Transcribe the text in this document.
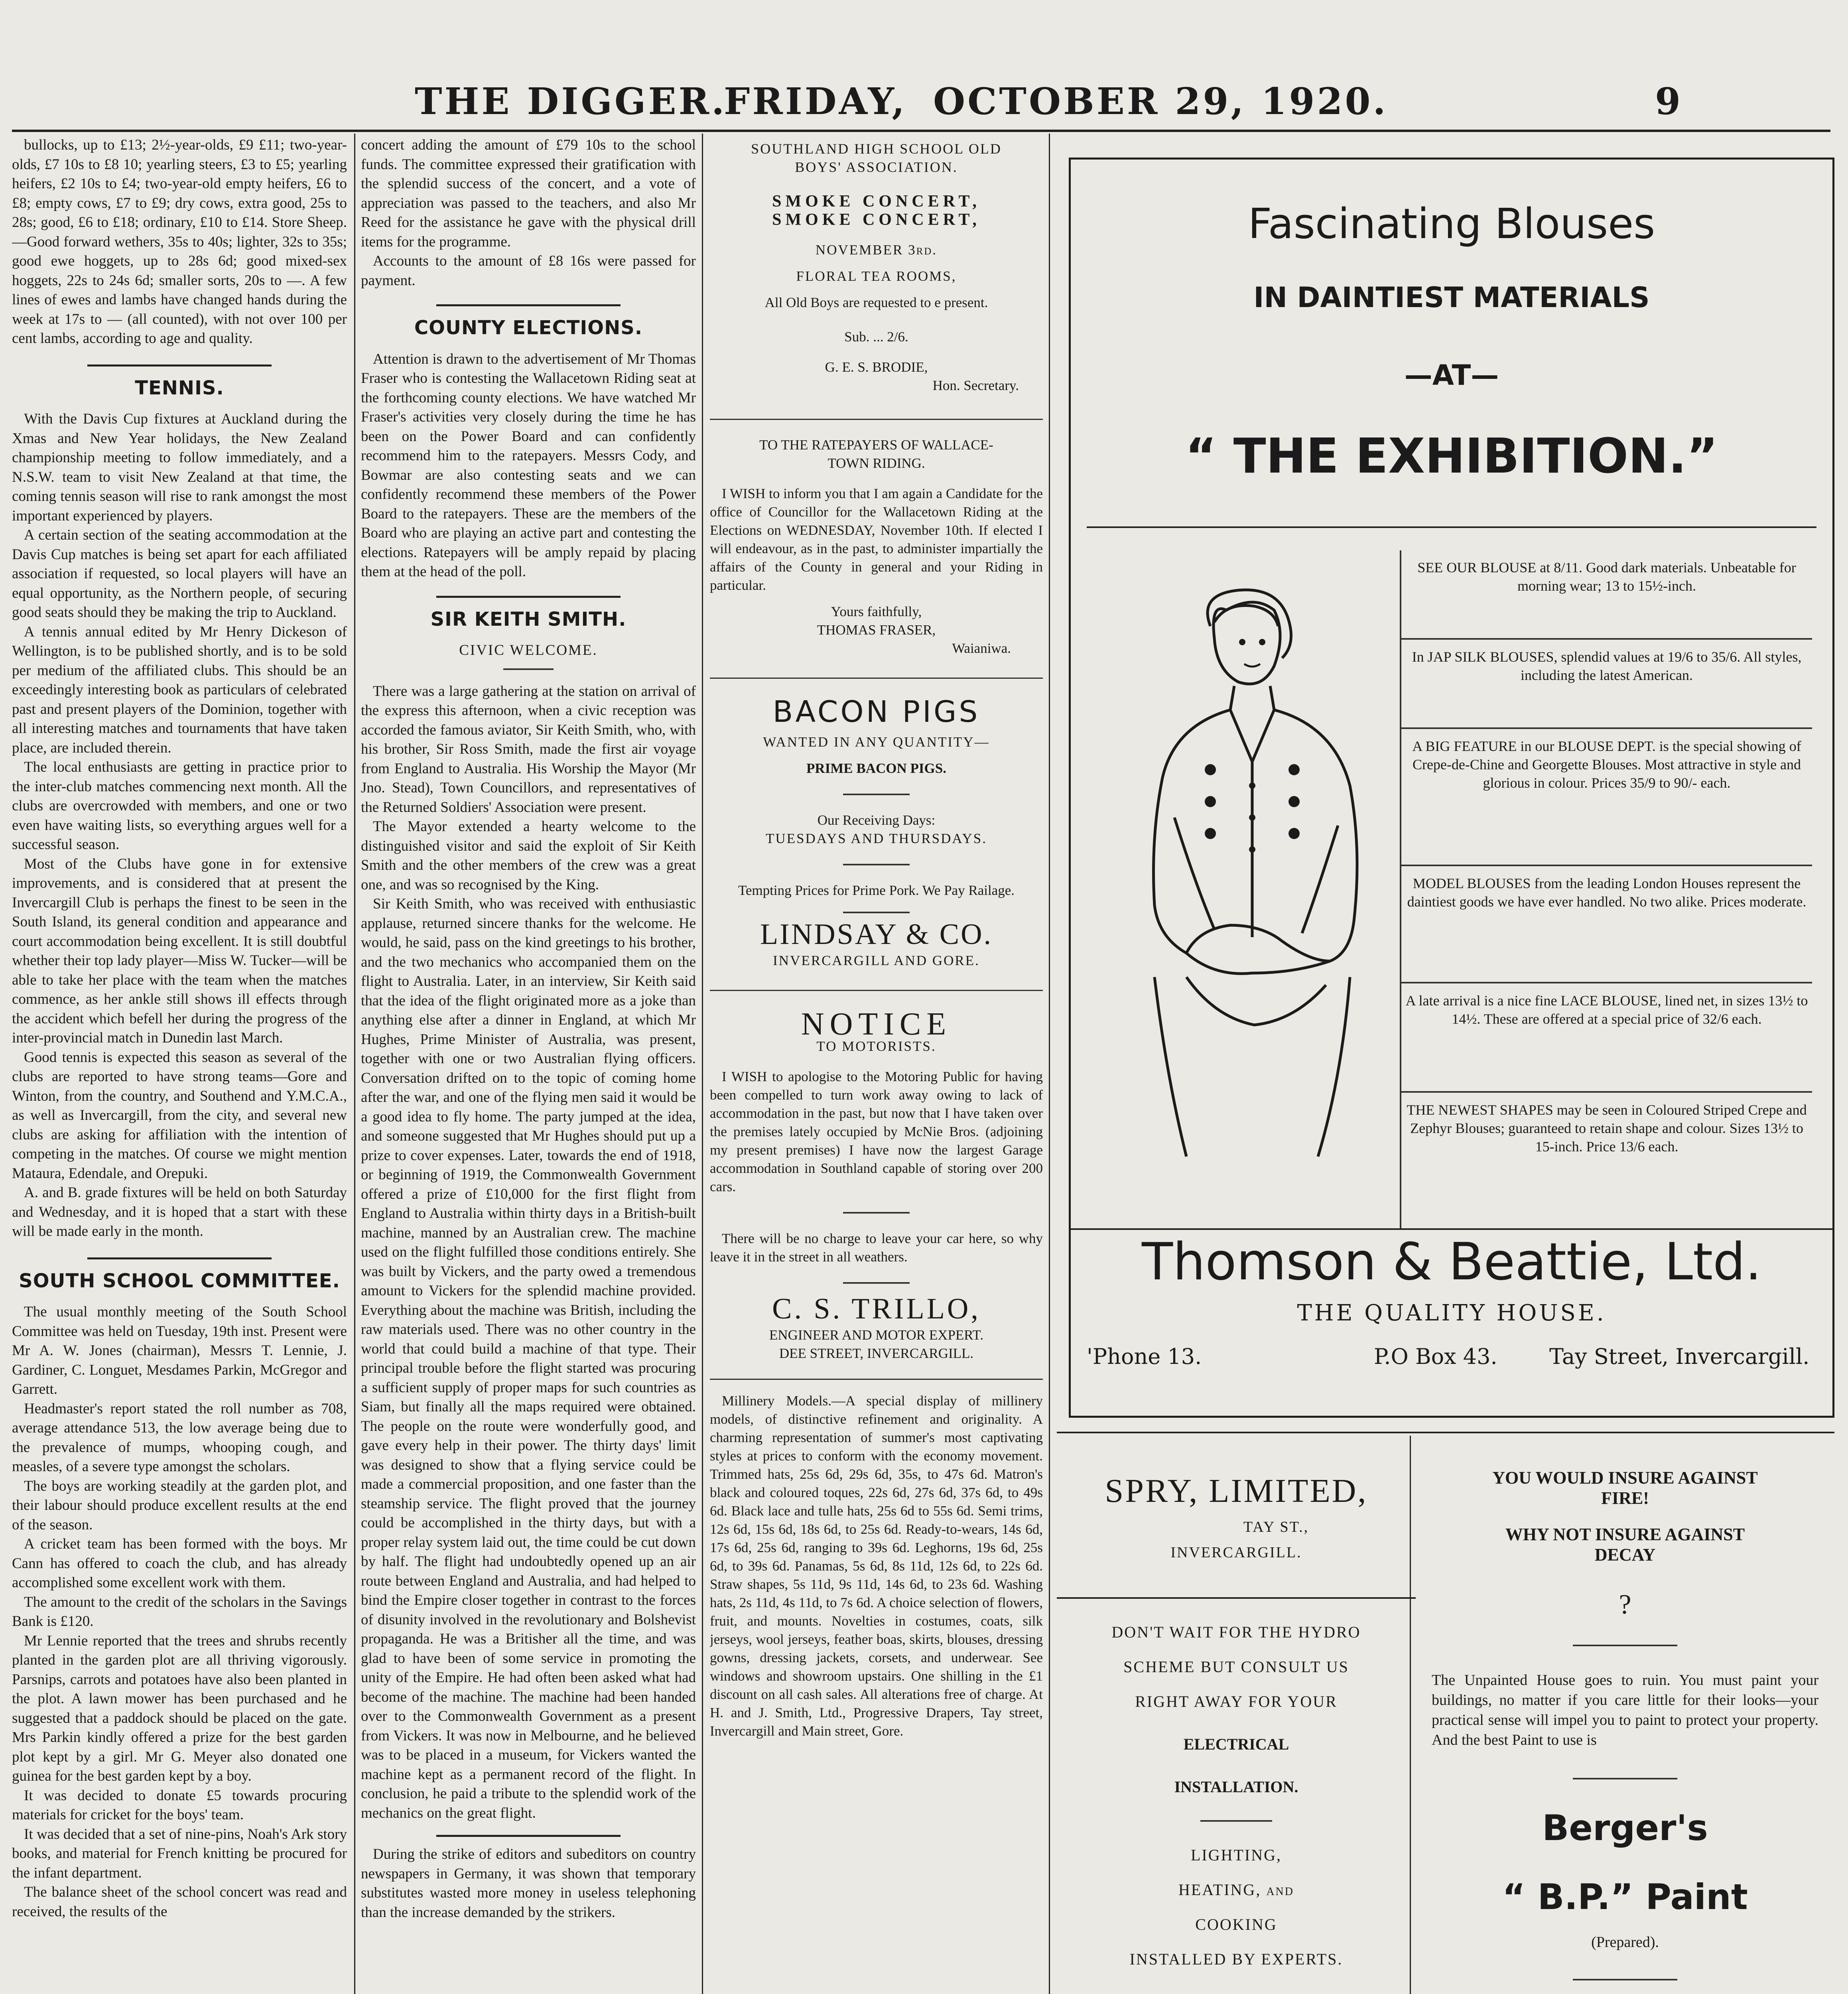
THE DIGGER.
FRIDAY, OCTOBER 29, 1920.	9

bullocks, up to £13; 2½-year-olds, £9 £11; two-year-olds, £7 10s to £8 10; yearling steers, £3 to £5; yearling heifers, £2 10s to £4; two-year-old empty heifers, £6 to £8; empty cows, £7 to £9; dry cows, extra good, 25s to 28s; good, £6 to £18; ordinary, £10 to £14. Store Sheep.—Good forward wethers, 35s to 40s; lighter, 32s to 35s; good ewe hoggets, up to 28s 6d; good mixed-sex hoggets, 22s to 24s 6d; smaller sorts, 20s to —. A few lines of ewes and lambs have changed hands during the week at 17s to — (all counted), with not over 100 per cent lambs, according to age and quality.

TENNIS.

With the Davis Cup fixtures at Auckland during the Xmas and New Year holidays, the New Zealand championship meeting to follow immediately, and a N.S.W. team to visit New Zealand at that time, the coming tennis season will rise to rank amongst the most important experienced by players.

A certain section of the seating accommodation at the Davis Cup matches is being set apart for each affiliated association if requested, so local players will have an equal opportunity, as the Northern people, of securing good seats should they be making the trip to Auckland.

A tennis annual edited by Mr Henry Dickeson of Wellington, is to be published shortly, and is to be sold per medium of the affiliated clubs. This should be an exceedingly interesting book as particulars of celebrated past and present players of the Dominion, together with all interesting matches and tournaments that have taken place, are included therein.

The local enthusiasts are getting in practice prior to the inter-club matches commencing next month. All the clubs are overcrowded with members, and one or two even have waiting lists, so everything argues well for a successful season.

Most of the Clubs have gone in for extensive improvements, and is considered that at present the Invercargill Club is perhaps the finest to be seen in the South Island, its general condition and appearance and court accommodation being excellent. It is still doubtful whether their top lady player—Miss W. Tucker—will be able to take her place with the team when the matches commence, as her ankle still shows ill effects through the accident which befell her during the progress of the inter-provincial match in Dunedin last March.

Good tennis is expected this season as several of the clubs are reported to have strong teams—Gore and Winton, from the country, and Southend and Y.M.C.A., as well as Invercargill, from the city, and several new clubs are asking for affiliation with the intention of competing in the matches. Of course we might mention Mataura, Edendale, and Orepuki.

A. and B. grade fixtures will be held on both Saturday and Wednesday, and it is hoped that a start with these will be made early in the month.

SOUTH SCHOOL COMMITTEE.

The usual monthly meeting of the South School Committee was held on Tuesday, 19th inst. Present were Mr A. W. Jones (chairman), Messrs T. Lennie, J. Gardiner, C. Longuet, Mesdames Parkin, McGregor and Garrett.

Headmaster's report stated the roll number as 708, average attendance 513, the low average being due to the prevalence of mumps, whooping cough, and measles, of a severe type amongst the scholars.

The boys are working steadily at the garden plot, and their labour should produce excellent results at the end of the season.

A cricket team has been formed with the boys. Mr Cann has offered to coach the club, and has already accomplished some excellent work with them.

The amount to the credit of the scholars in the Savings Bank is £120.

Mr Lennie reported that the trees and shrubs recently planted in the garden plot are all thriving vigorously. Parsnips, carrots and potatoes have also been planted in the plot. A lawn mower has been purchased and he suggested that a paddock should be placed on the gate. Mrs Parkin kindly offered a prize for the best garden plot kept by a girl. Mr G. Meyer also donated one guinea for the best garden kept by a boy.

It was decided to donate £5 towards procuring materials for cricket for the boys' team.

It was decided that a set of nine-pins, Noah's Ark story books, and material for French knitting be procured for the infant department.

The balance sheet of the school concert was read and received, the results of the

concert adding the amount of £79 10s to the school funds. The committee expressed their gratification with the splendid success of the concert, and a vote of appreciation was passed to the teachers, and also Mr Reed for the assistance he gave with the physical drill items for the programme.

Accounts to the amount of £8 16s were passed for payment.

COUNTY ELECTIONS.

Attention is drawn to the advertisement of Mr Thomas Fraser who is contesting the Wallacetown Riding seat at the forthcoming county elections. We have watched Mr Fraser's activities very closely during the time he has been on the Power Board and can confidently recommend him to the ratepayers. Messrs Cody, and Bowmar are also contesting seats and we can confidently recommend these members of the Power Board to the ratepayers. These are the members of the Board who are playing an active part and contesting the elections. Ratepayers will be amply repaid by placing them at the head of the poll.

SIR KEITH SMITH.

CIVIC WELCOME.

There was a large gathering at the station on arrival of the express this afternoon, when a civic reception was accorded the famous aviator, Sir Keith Smith, who, with his brother, Sir Ross Smith, made the first air voyage from England to Australia. His Worship the Mayor (Mr Jno. Stead), Town Councillors, and representatives of the Returned Soldiers' Association were present.

The Mayor extended a hearty welcome to the distinguished visitor and said the exploit of Sir Keith Smith and the other members of the crew was a great one, and was so recognised by the King.

Sir Keith Smith, who was received with enthusiastic applause, returned sincere thanks for the welcome. He would, he said, pass on the kind greetings to his brother, and the two mechanics who accompanied them on the flight to Australia. Later, in an interview, Sir Keith said that the idea of the flight originated more as a joke than anything else after a dinner in England, at which Mr Hughes, Prime Minister of Australia, was present, together with one or two Australian flying officers. Conversation drifted on to the topic of coming home after the war, and one of the flying men said it would be a good idea to fly home. The party jumped at the idea, and someone suggested that Mr Hughes should put up a prize to cover expenses. Later, towards the end of 1918, or beginning of 1919, the Commonwealth Government offered a prize of £10,000 for the first flight from England to Australia within thirty days in a British-built machine, manned by an Australian crew. The machine used on the flight fulfilled those conditions entirely. She was built by Vickers, and the party owed a tremendous amount to Vickers for the splendid machine provided. Everything about the machine was British, including the raw materials used. There was no other country in the world that could build a machine of that type. Their principal trouble before the flight started was procuring a sufficient supply of proper maps for such countries as Siam, but finally all the maps required were obtained. The people on the route were wonderfully good, and gave every help in their power. The thirty days' limit was designed to show that a flying service could be made a commercial proposition, and one faster than the steamship service. The flight proved that the journey could be accomplished in the thirty days, but with a proper relay system laid out, the time could be cut down by half. The flight had undoubtedly opened up an air route between England and Australia, and had helped to bind the Empire closer together in contrast to the forces of disunity involved in the revolutionary and Bolshevist propaganda. He was a Britisher all the time, and was glad to have been of some service in promoting the unity of the Empire. He had often been asked what had become of the machine. The machine had been handed over to the Commonwealth Government as a present from Vickers. It was now in Melbourne, and he believed was to be placed in a museum, for Vickers wanted the machine kept as a permanent record of the flight. In conclusion, he paid a tribute to the splendid work of the mechanics on the great flight.

During the strike of editors and subeditors on country newspapers in Germany, it was shown that temporary substitutes wasted more money in useless telephoning than the increase demanded by the strikers.

SOUTHLAND HIGH SCHOOL OLD
BOYS' ASSOCIATION.
SMOKE CONCERT,
SMOKE CONCERT,
NOVEMBER 3rd.
FLORAL TEA ROOMS,
All Old Boys are requested to e present.
Sub. ... 2/6.
G. E. S. BRODIE,
Hon. Secretary.
TO THE RATEPAYERS OF WALLACE-
TOWN RIDING.

I WISH to inform you that I am again a Candidate for the office of Councillor for the Wallacetown Riding at the Elections on WEDNESDAY, November 10th. If elected I will endeavour, as in the past, to administer impartially the affairs of the County in general and your Riding in particular.

Yours faithfully,
THOMAS FRASER,
Waianiwa.
BACON PIGS
WANTED IN ANY QUANTITY—
PRIME BACON PIGS.
Our Receiving Days:
TUESDAYS AND THURSDAYS.
Tempting Prices for Prime Pork. We Pay Railage.
LINDSAY & CO.
INVERCARGILL AND GORE.
NOTICE
TO MOTORISTS.

I WISH to apologise to the Motoring Public for having been compelled to turn work away owing to lack of accommodation in the past, but now that I have taken over the premises lately occupied by McNie Bros. (adjoining my present premises) I have now the largest Garage accommodation in Southland capable of storing over 200 cars.

There will be no charge to leave your car here, so why leave it in the street in all weathers.

C. S. TRILLO,
ENGINEER AND MOTOR EXPERT.
DEE STREET, INVERCARGILL.

Millinery Models.—A special display of millinery models, of distinctive refinement and originality. A charming representation of summer's most captivating styles at prices to conform with the economy movement. Trimmed hats, 25s 6d, 29s 6d, 35s, to 47s 6d. Matron's black and coloured toques, 22s 6d, 27s 6d, 37s 6d, to 49s 6d. Black lace and tulle hats, 25s 6d to 55s 6d. Semi trims, 12s 6d, 15s 6d, 18s 6d, to 25s 6d. Ready-to-wears, 14s 6d, 17s 6d, 25s 6d, ranging to 39s 6d. Leghorns, 19s 6d, 25s 6d, to 39s 6d. Panamas, 5s 6d, 8s 11d, 12s 6d, to 22s 6d. Straw shapes, 5s 11d, 9s 11d, 14s 6d, to 23s 6d. Washing hats, 2s 11d, 4s 11d, to 7s 6d. A choice selection of flowers, fruit, and mounts. Novelties in costumes, coats, silk jerseys, wool jerseys, feather boas, skirts, blouses, dressing gowns, dressing jackets, corsets, and underwear. See windows and showroom upstairs. One shilling in the £1 discount on all cash sales. All alterations free of charge. At H. and J. Smith, Ltd., Progressive Drapers, Tay street, Invercargill and Main street, Gore.

Fascinating Blouses
IN DAINTIEST MATERIALS
—AT—
“ THE EXHIBITION.”
SEE OUR BLOUSE at 8/11. Good dark materials. Unbeatable for morning wear; 13 to 15½-inch.
In JAP SILK BLOUSES, splendid values at 19/6 to 35/6. All styles, including the latest American.
A BIG FEATURE in our BLOUSE DEPT. is the special showing of Crepe-de-Chine and Georgette Blouses. Most attractive in style and glorious in colour. Prices 35/9 to 90/- each.
MODEL BLOUSES from the leading London Houses represent the daintiest goods we have ever handled. No two alike. Prices moderate.
A late arrival is a nice fine LACE BLOUSE, lined net, in sizes 13½ to 14½. These are offered at a special price of 32/6 each.
THE NEWEST SHAPES may be seen in Coloured Striped Crepe and Zephyr Blouses; guaranteed to retain shape and colour. Sizes 13½ to 15-inch. Price 13/6 each.
Thomson & Beattie, Ltd.
THE QUALITY HOUSE.
'Phone 13.	P.O Box 43. Tay Street, Invercargill.
SPRY, LIMITED,
TAY ST.,
INVERCARGILL.
DON'T WAIT FOR THE HYDRO
SCHEME BUT CONSULT US
RIGHT AWAY FOR YOUR
ELECTRICAL
INSTALLATION.
LIGHTING,
HEATING, and
COOKING
INSTALLED BY EXPERTS.
YOU WOULD INSURE AGAINST
FIRE!
WHY NOT INSURE AGAINST
DECAY
?
The Unpainted House goes to ruin. You must paint your buildings, no matter if you care little for their looks—your practical sense will impel you to paint to protect your property. And the best Paint to use is
Berger's
“ B.P.” Paint
(Prepared).
